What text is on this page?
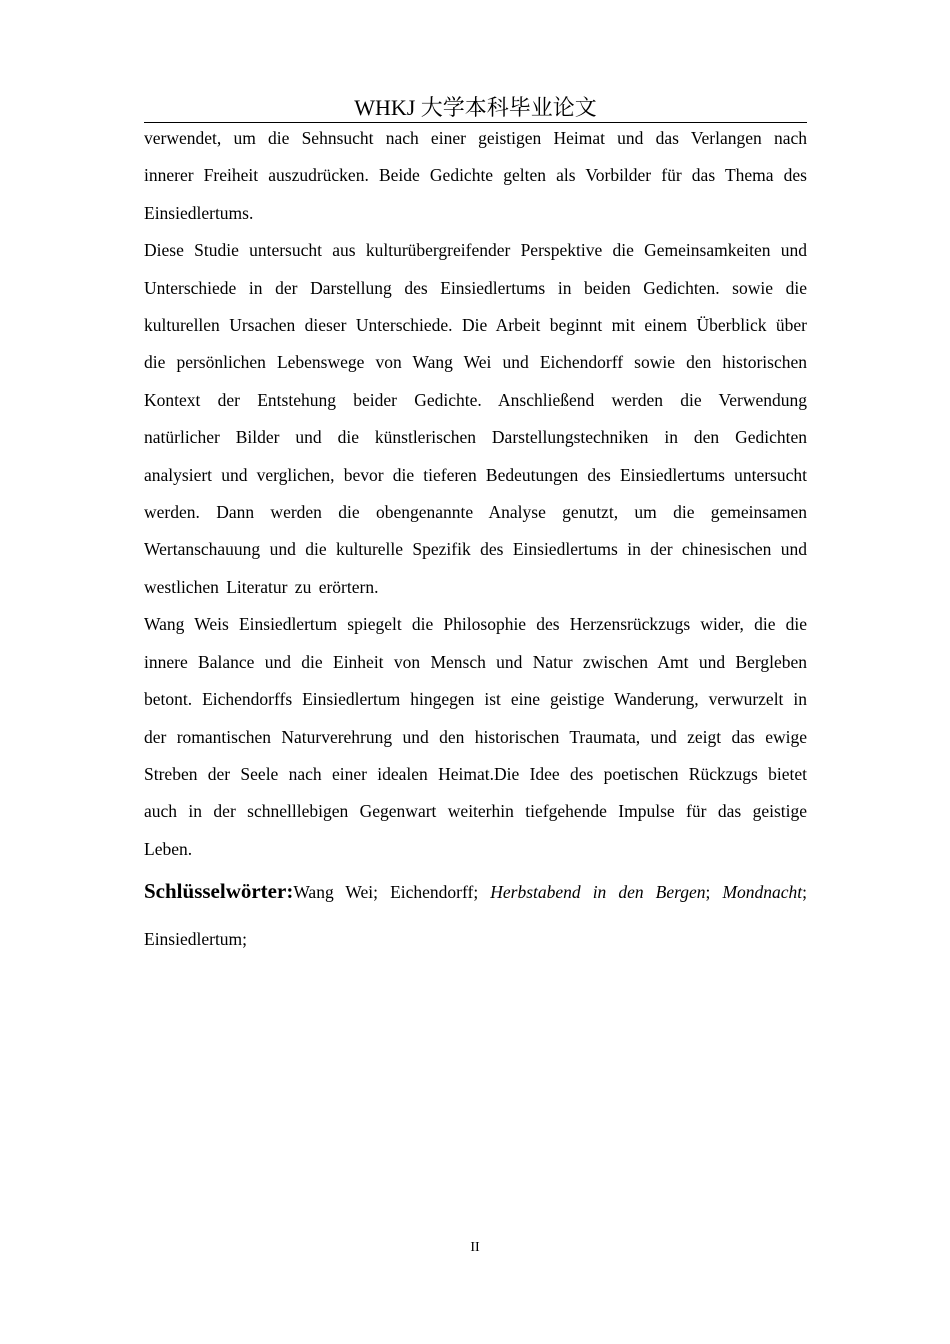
WHKJ 大学本科毕业论文

verwendet, um die Sehnsucht nach einer geistigen Heimat und das Verlangen nach innerer Freiheit auszudrücken. Beide Gedichte gelten als Vorbilder für das Thema des Einsiedlertums.

Diese Studie untersucht aus kulturübergreifender Perspektive die Gemeinsamkeiten und Unterschiede in der Darstellung des Einsiedlertums in beiden Gedichten. sowie die kulturellen Ursachen dieser Unterschiede. Die Arbeit beginnt mit einem Überblick über die persönlichen Lebenswege von Wang Wei und Eichendorff sowie den historischen Kontext der Entstehung beider Gedichte. Anschließend werden die Verwendung natürlicher Bilder und die künstlerischen Darstellungstechniken in den Gedichten analysiert und verglichen, bevor die tieferen Bedeutungen des Einsiedlertums untersucht werden. Dann werden die obengenannte Analyse genutzt, um die gemeinsamen Wertanschauung und die kulturelle Spezifik des Einsiedlertums in der chinesischen und westlichen Literatur zu erörtern.

Wang Weis Einsiedlertum spiegelt die Philosophie des Herzensrückzugs wider, die die innere Balance und die Einheit von Mensch und Natur zwischen Amt und Bergleben betont. Eichendorffs Einsiedlertum hingegen ist eine geistige Wanderung, verwurzelt in der romantischen Naturverehrung und den historischen Traumata, und zeigt das ewige Streben der Seele nach einer idealen Heimat.Die Idee des poetischen Rückzugs bietet auch in der schnelllebigen Gegenwart weiterhin tiefgehende Impulse für das geistige Leben.

Schlüsselwörter:Wang Wei; Eichendorff; Herbstabend in den Bergen; Mondnacht; Einsiedlertum;

II
